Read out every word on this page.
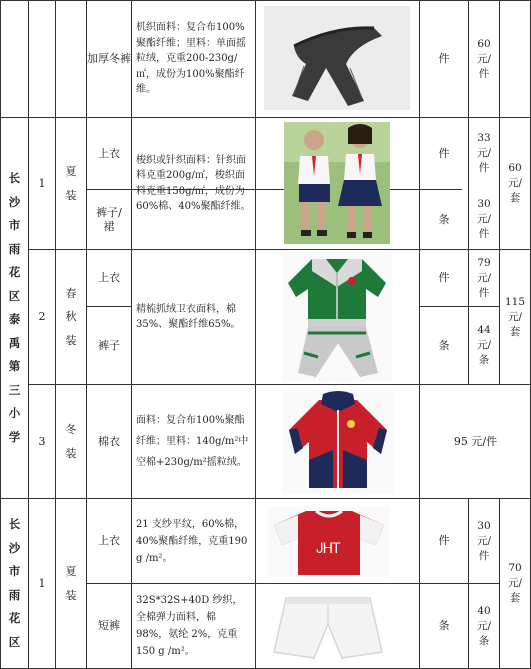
加厚冬裤
机织面料：复合布100%聚酯纤维；里料：单面摇粒绒，克重200-230g/㎡，成份为100%聚酯纤维。
件
60
元/
件
长
沙
市
雨
花
区
泰
禹
第
三
小
学
1
夏
装
上衣
裤子/裙
梭织或针织面料：针织面料克重200g/㎡，梭织面料克重150g/㎡，成份为60%棉、40%聚酯纤维。
件
条
33
元/
件
30
元/
件
60
元/
套
2
春
秋
装
上衣
裤子
精梳抓绒卫衣面料，棉35%、聚酯纤维65%。
件
条
79
元/
件
44
元/
条
115
元/
套
3
冬
装
棉衣
面料：复合布100%聚酯纤维；里料：140g/m²中空棉+230g/m²摇粒绒。
95 元/件
长
沙
市
雨
花
区
1
夏
装
上衣
短裤
21 支纱平纹，60%棉，40%聚酯纤维，克重190 g /m²。
32S*32S+40D 纱织，全棉弹力面料，棉 98%，氨纶 2%，克重150 g /m²。
ᎫᎻᎢ
件
条
30
元/
件
40
元/
条
70
元/
套
